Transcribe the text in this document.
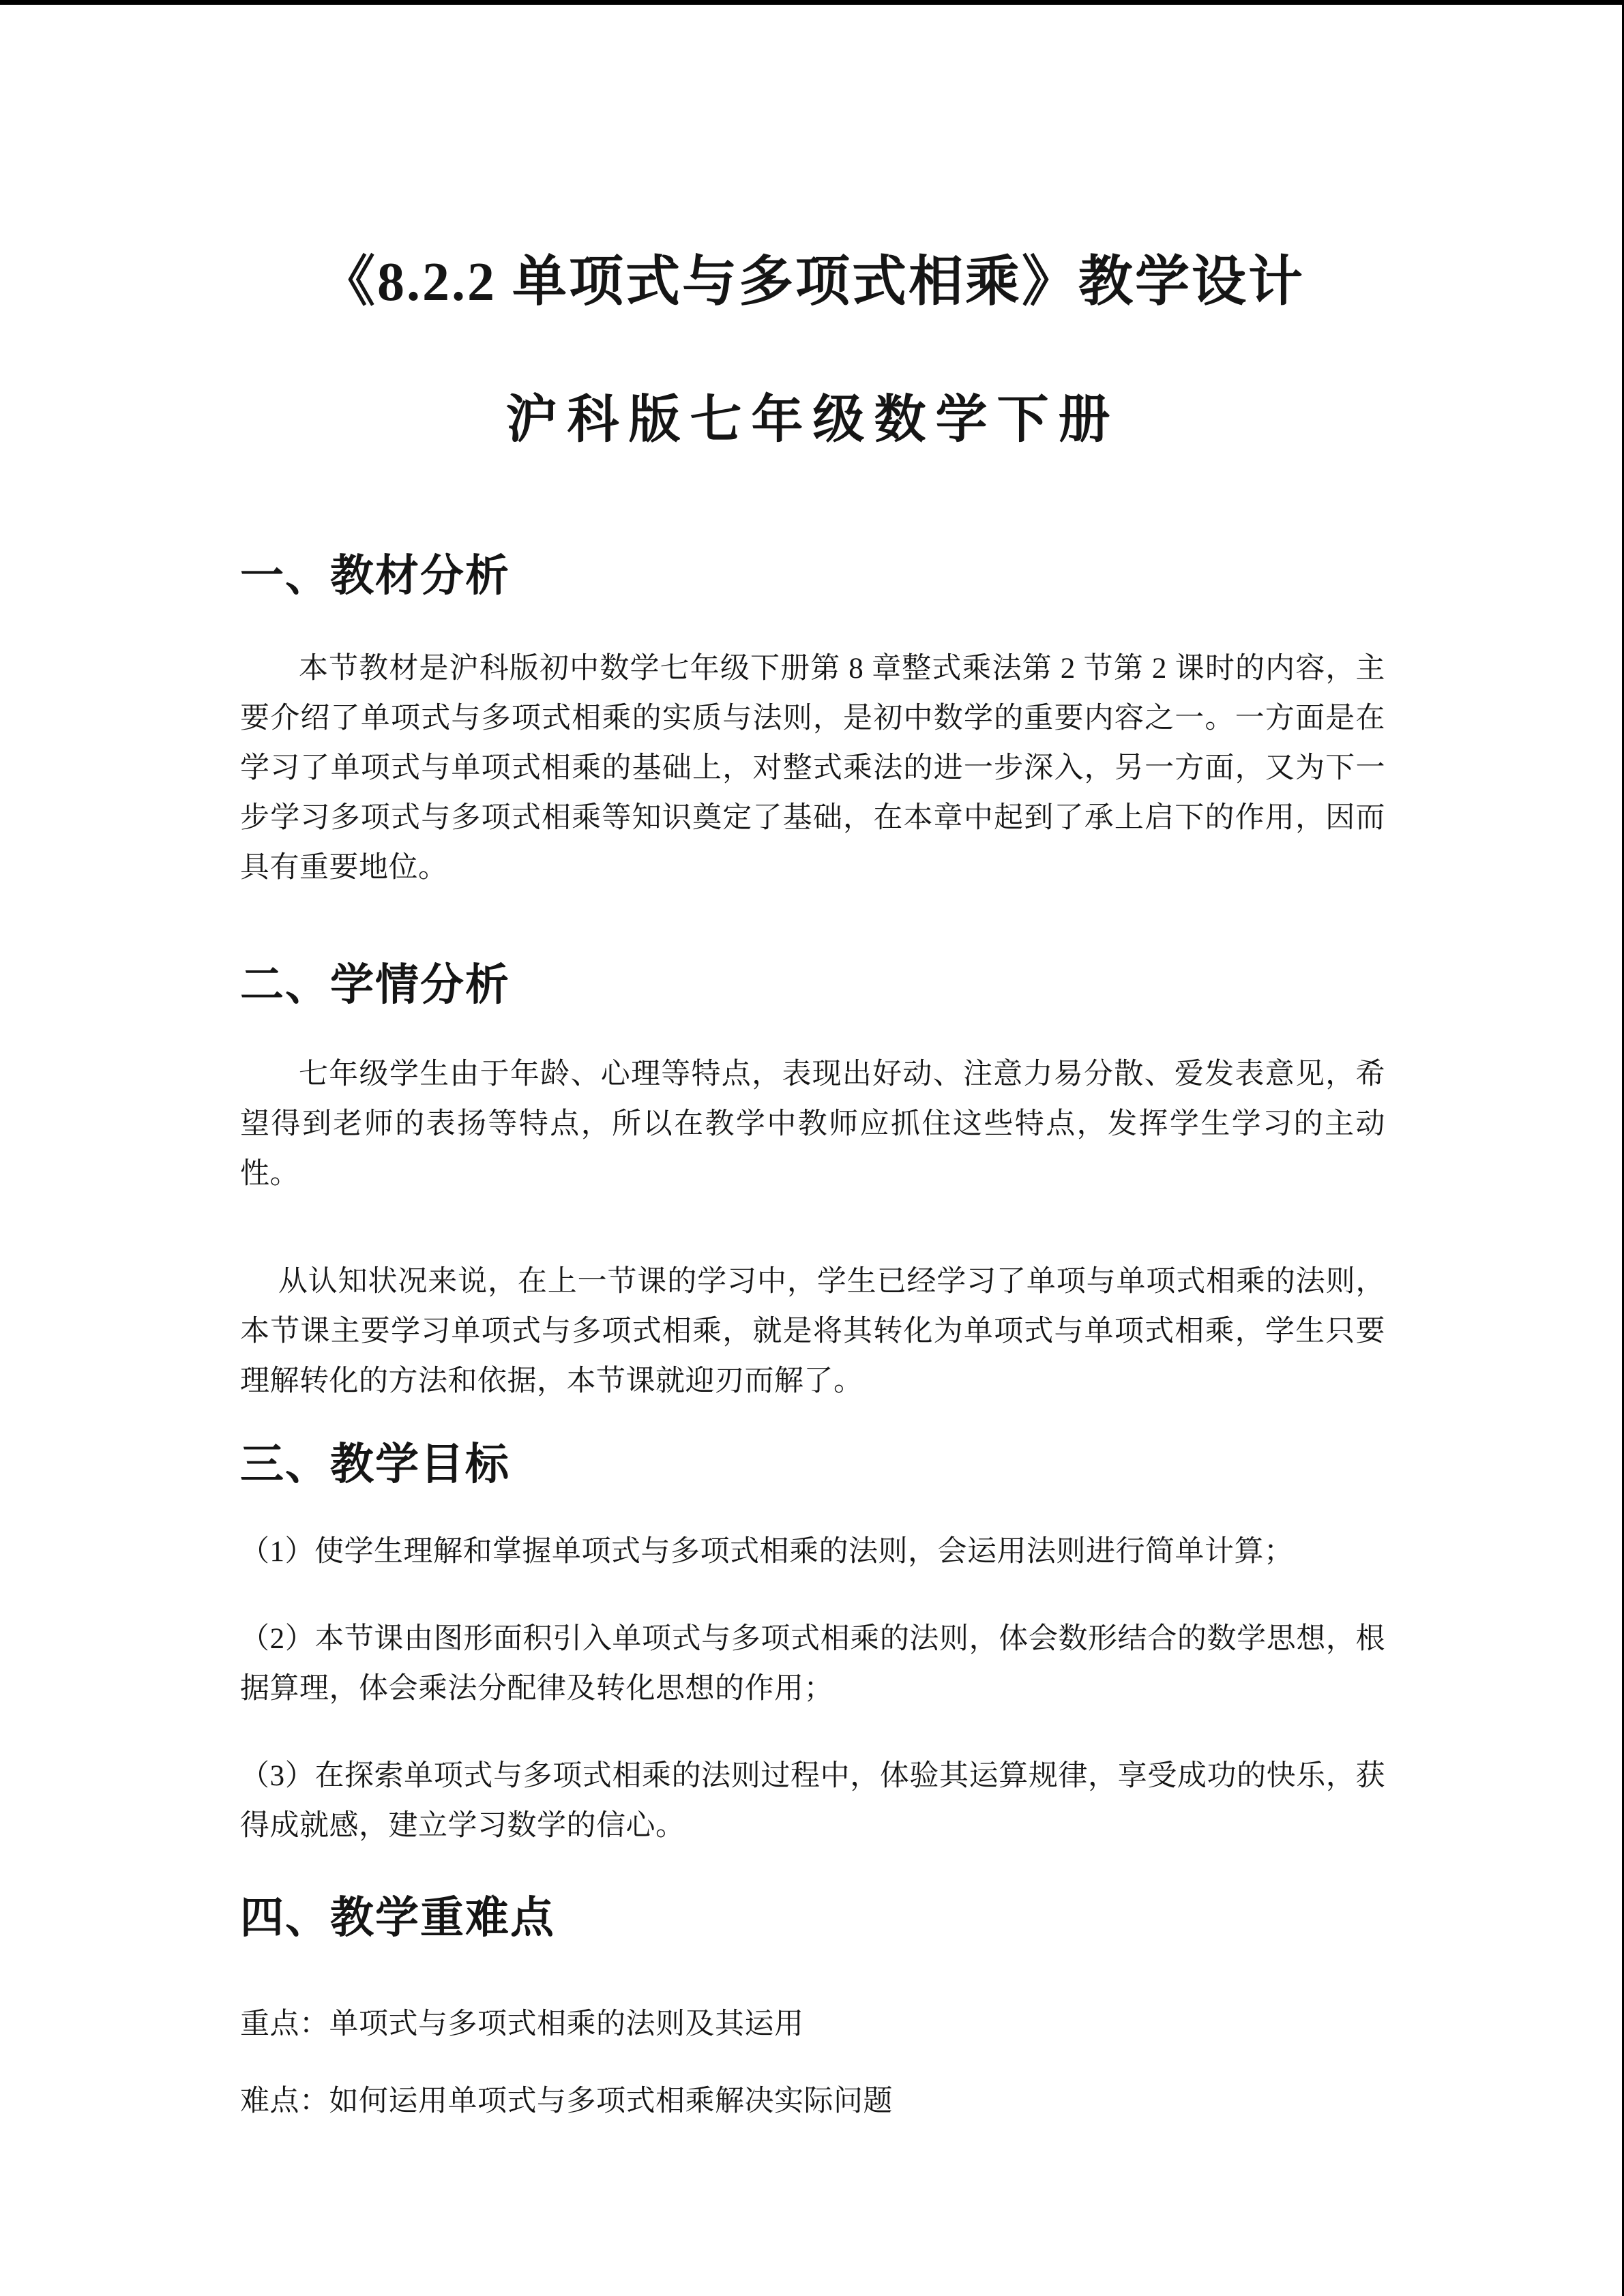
《8.2.2 单项式与多项式相乘》教学设计
沪科版七年级数学下册
一、教材分析

本节教材是沪科版初中数学七年级下册第 8 章整式乘法第 2 节第 2 课时的内容，主要介绍了单项式与多项式相乘的实质与法则，是初中数学的重要内容之一。一方面是在学习了单项式与单项式相乘的基础上，对整式乘法的进一步深入，另一方面，又为下一步学习多项式与多项式相乘等知识奠定了基础，在本章中起到了承上启下的作用，因而具有重要地位。

二、学情分析

七年级学生由于年龄、心理等特点，表现出好动、注意力易分散、爱发表意见，希望得到老师的表扬等特点，所以在教学中教师应抓住这些特点，发挥学生学习的主动性。

从认知状况来说，在上一节课的学习中，学生已经学习了单项与单项式相乘的法则，本节课主要学习单项式与多项式相乘，就是将其转化为单项式与单项式相乘，学生只要理解转化的方法和依据，本节课就迎刃而解了。

三、教学目标

（1）使学生理解和掌握单项式与多项式相乘的法则，会运用法则进行简单计算；

（2）本节课由图形面积引入单项式与多项式相乘的法则，体会数形结合的数学思想，根据算理，体会乘法分配律及转化思想的作用；

（3）在探索单项式与多项式相乘的法则过程中，体验其运算规律，享受成功的快乐，获得成就感，建立学习数学的信心。

四、教学重难点

重点：单项式与多项式相乘的法则及其运用

难点：如何运用单项式与多项式相乘解决实际问题
